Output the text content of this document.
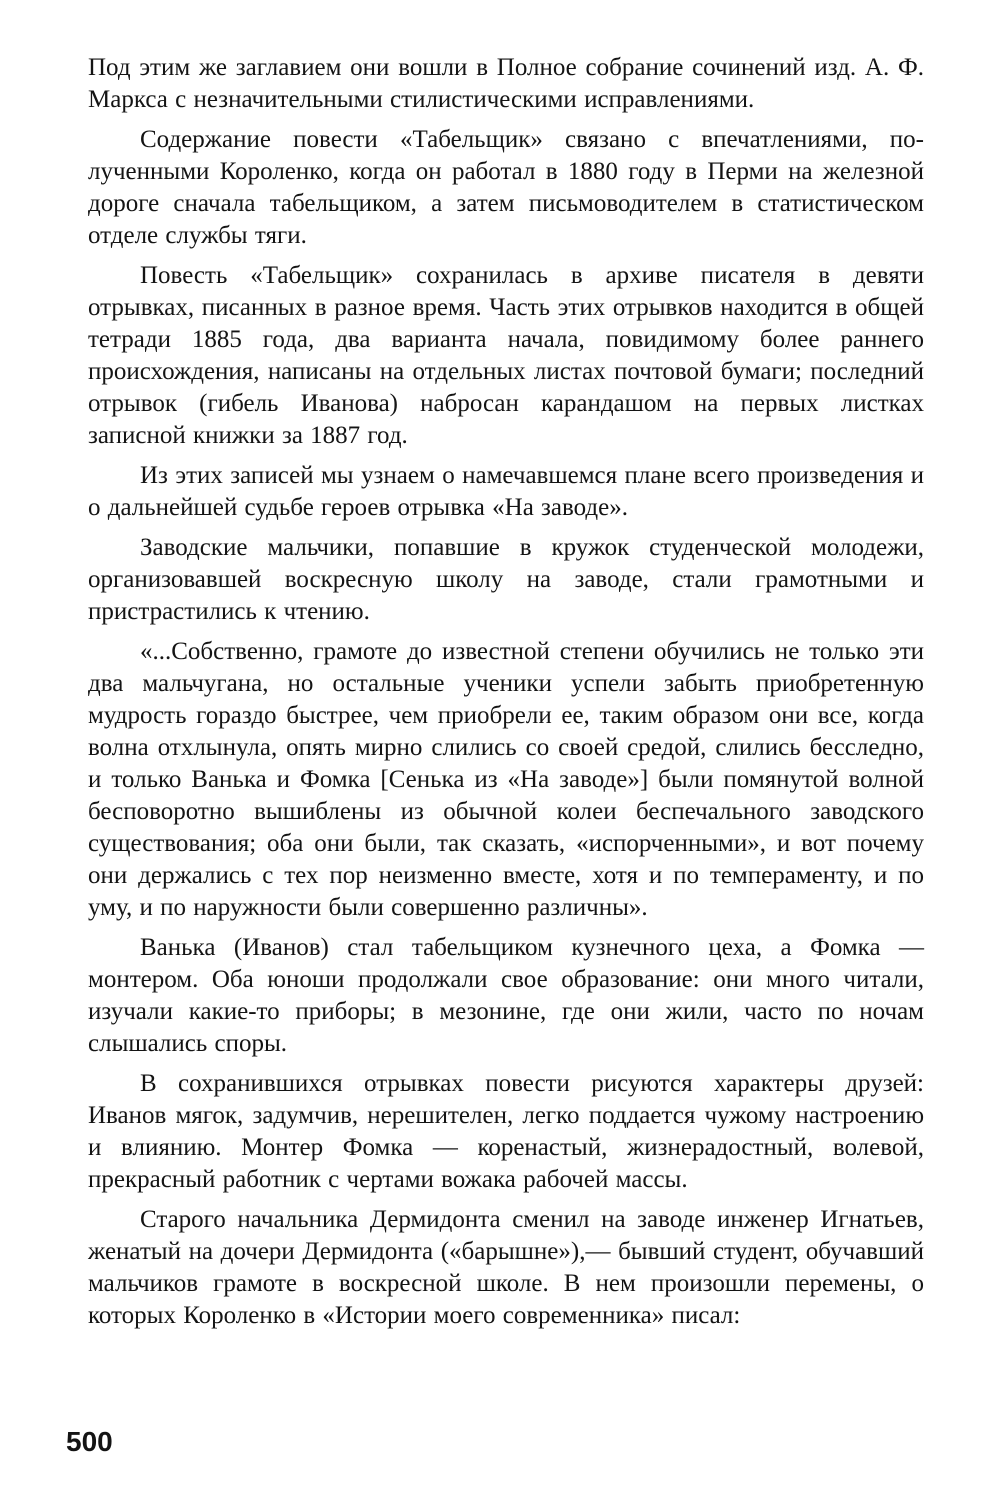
Под этим же заглавием они вошли в Полное собрание сочинений изд. А. Ф. Маркса с незначительными стилистическими исправлениями.

Содержание повести «Табельщик» связано с впечатлениями, полученными Короленко, когда он работал в 1880 году в Перми на железной дороге сначала табельщиком, а затем письмоводителем в статистическом отделе службы тяги.

Повесть «Табельщик» сохранилась в архиве писателя в девяти отрывках, писанных в разное время. Часть этих отрывков находится в общей тетради 1885 года, два варианта начала, повидимому более раннего происхождения, написаны на отдельных листах почтовой бумаги; последний отрывок (гибель Иванова) набросан карандашом на первых листках записной книжки за 1887 год.

Из этих записей мы узнаем о намечавшемся плане всего произведения и о дальнейшей судьбе героев отрывка «На заводе».

Заводские мальчики, попавшие в кружок студенческой молодежи, организовавшей воскресную школу на заводе, стали грамотными и пристрастились к чтению.

«...Собственно, грамоте до известной степени обучились не только эти два мальчугана, но остальные ученики успели забыть приобретенную мудрость гораздо быстрее, чем приобрели ее, таким образом они все, когда волна отхлынула, опять мирно слились со своей средой, слились бесследно, и только Ванька и Фомка [Сенька из «На заводе»] были помянутой волной бесповоротно вышиблены из обычной колеи беспечального заводского существования; оба они были, так сказать, «испорченными», и вот почему они держались с тех пор неизменно вместе, хотя и по темпераменту, и по уму, и по наружности были совершенно различны».

Ванька (Иванов) стал табельщиком кузнечного цеха, а Фомка — монтером. Оба юноши продолжали свое образование: они много читали, изучали какие-то приборы; в мезонине, где они жили, часто по ночам слышались споры.

В сохранившихся отрывках повести рисуются характеры друзей: Иванов мягок, задумчив, нерешителен, легко поддается чужому настроению и влиянию. Монтер Фомка — коренастый, жизнерадостный, волевой, прекрасный работник с чертами вожака рабочей массы.

Старого начальника Дермидонта сменил на заводе инженер Игнатьев, женатый на дочери Дермидонта («барышне»),— бывший студент, обучавший мальчиков грамоте в воскресной школе. В нем произошли перемены, о которых Короленко в «Истории моего современника» писал:

500
